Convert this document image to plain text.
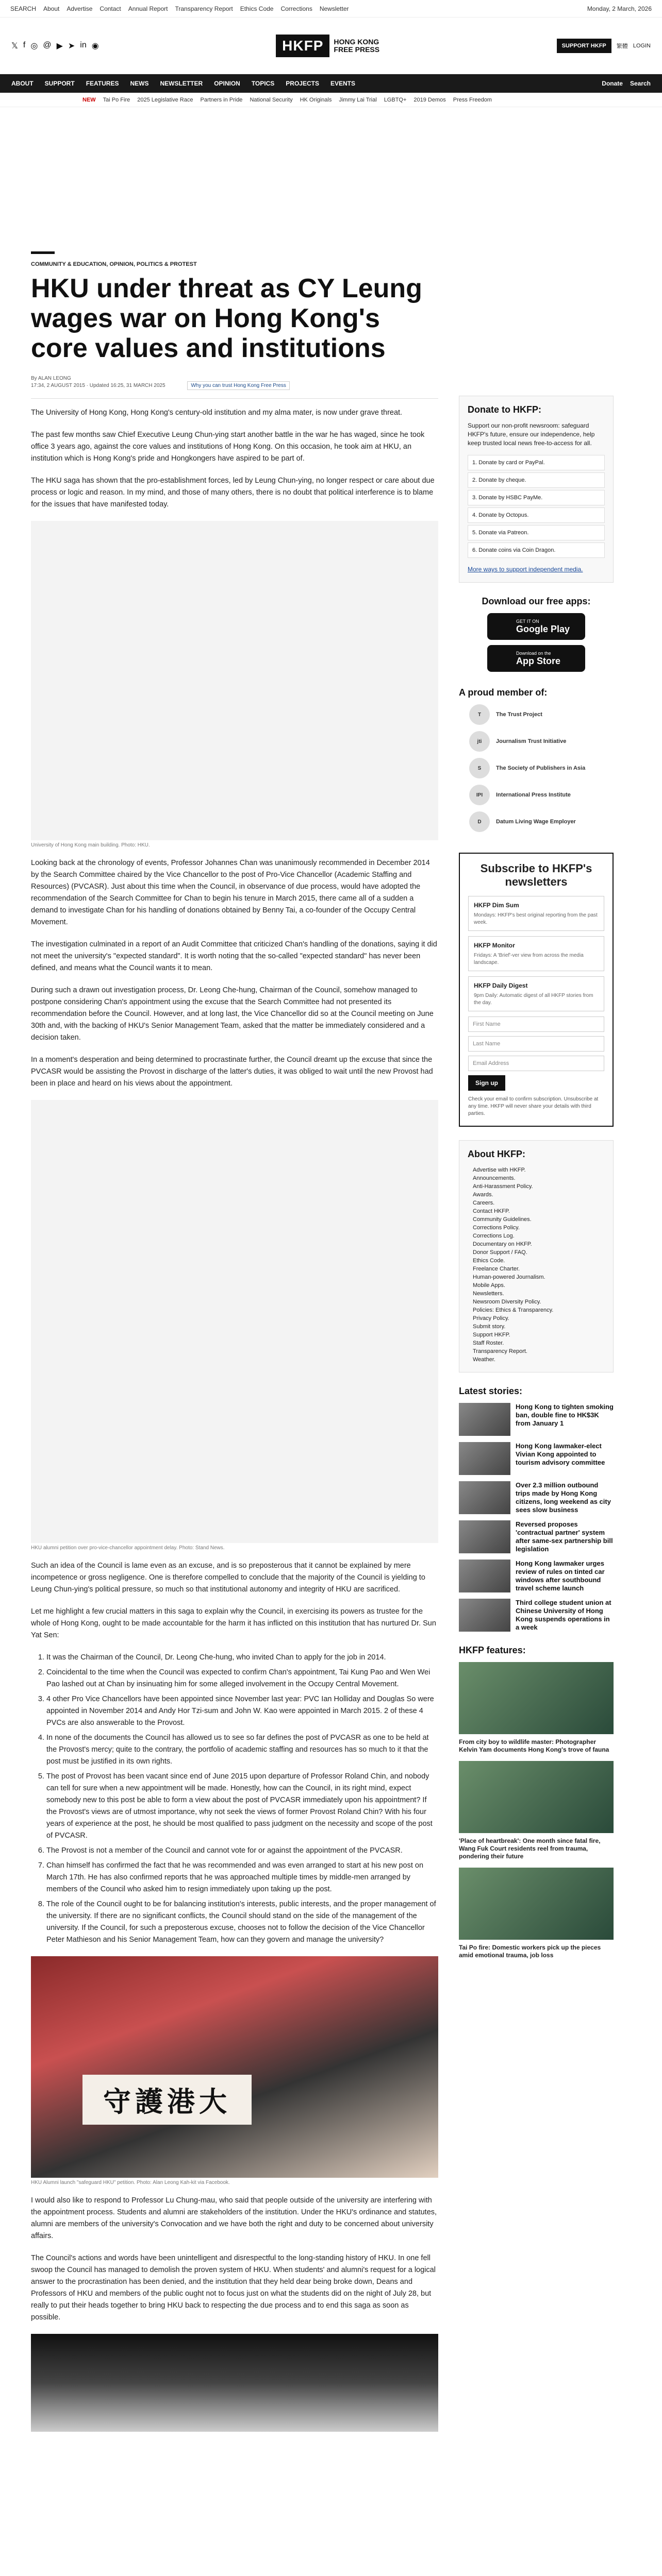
SEARCH About Advertise Contact Annual Report Transparency Report Ethics Code Corrections Newsletter	Monday, 2 March, 2026
𝕏 f ◎ @ ▶ ➤ in ◉	HKFP	HONG KONG
FREE PRESS	SUPPORT HKFP	繁體 LOGIN
ABOUT SUPPORT FEATURES NEWS NEWSLETTER OPINION TOPICS PROJECTS EVENTS	Donate Search
NEW Tai Po Fire 2025 Legislative Race Partners in Pride National Security HK Originals Jimmy Lai Trial LGBTQ+ 2019 Demos Press Freedom
COMMUNITY & EDUCATION, OPINION, POLITICS & PROTEST
HKU under threat as CY Leung wages war on Hong Kong's core values and institutions
By ALAN LEONG
17:34, 2 AUGUST 2015 · Updated 16:25, 31 MARCH 2025	Why you can trust Hong Kong Free Press

The University of Hong Kong, Hong Kong's century-old institution and my alma mater, is now under grave threat.

The past few months saw Chief Executive Leung Chun-ying start another battle in the war he has waged, since he took office 3 years ago, against the core values and institutions of Hong Kong. On this occasion, he took aim at HKU, an institution which is Hong Kong's pride and Hongkongers have aspired to be part of.

The HKU saga has shown that the pro-establishment forces, led by Leung Chun-ying, no longer respect or care about due process or logic and reason. In my mind, and those of many others, there is no doubt that political interference is to blame for the issues that have manifested today.

University of Hong Kong main building. Photo: HKU.

Looking back at the chronology of events, Professor Johannes Chan was unanimously recommended in December 2014 by the Search Committee chaired by the Vice Chancellor to the post of Pro-Vice Chancellor (Academic Staffing and Resources) (PVCASR). Just about this time when the Council, in observance of due process, would have adopted the recommendation of the Search Committee for Chan to begin his tenure in March 2015, there came all of a sudden a demand to investigate Chan for his handling of donations obtained by Benny Tai, a co-founder of the Occupy Central Movement.

The investigation culminated in a report of an Audit Committee that criticized Chan's handling of the donations, saying it did not meet the university's "expected standard". It is worth noting that the so-called "expected standard" has never been defined, and means what the Council wants it to mean.

During such a drawn out investigation process, Dr. Leong Che-hung, Chairman of the Council, somehow managed to postpone considering Chan's appointment using the excuse that the Search Committee had not presented its recommendation before the Council. However, and at long last, the Vice Chancellor did so at the Council meeting on June 30th and, with the backing of HKU's Senior Management Team, asked that the matter be immediately considered and a decision taken.

In a moment's desperation and being determined to procrastinate further, the Council dreamt up the excuse that since the PVCASR would be assisting the Provost in discharge of the latter's duties, it was obliged to wait until the new Provost had been in place and heard on his views about the appointment.

HKU alumni petition over pro-vice-chancellor appointment delay. Photo: Stand News.

Such an idea of the Council is lame even as an excuse, and is so preposterous that it cannot be explained by mere incompetence or gross negligence. One is therefore compelled to conclude that the majority of the Council is yielding to Leung Chun-ying's political pressure, so much so that institutional autonomy and integrity of HKU are sacrificed.

Let me highlight a few crucial matters in this saga to explain why the Council, in exercising its powers as trustee for the whole of Hong Kong, ought to be made accountable for the harm it has inflicted on this institution that has nurtured Dr. Sun Yat Sen:

1. It was the Chairman of the Council, Dr. Leong Che-hung, who invited Chan to apply for the job in 2014.
2. Coincidental to the time when the Council was expected to confirm Chan's appointment, Tai Kung Pao and Wen Wei Pao lashed out at Chan by insinuating him for some alleged involvement in the Occupy Central Movement.
3. 4 other Pro Vice Chancellors have been appointed since November last year: PVC Ian Holliday and Douglas So were appointed in November 2014 and Andy Hor Tzi-sum and John W. Kao were appointed in March 2015. 2 of these 4 PVCs are also answerable to the Provost.
4. In none of the documents the Council has allowed us to see so far defines the post of PVCASR as one to be held at the Provost's mercy; quite to the contrary, the portfolio of academic staffing and resources has so much to it that the post must be justified in its own rights.
5. The post of Provost has been vacant since end of June 2015 upon departure of Professor Roland Chin, and nobody can tell for sure when a new appointment will be made. Honestly, how can the Council, in its right mind, expect somebody new to this post be able to form a view about the post of PVCASR immediately upon his appointment? If the Provost's views are of utmost importance, why not seek the views of former Provost Roland Chin? With his four years of experience at the post, he should be most qualified to pass judgment on the necessity and scope of the post of PVCASR.
6. The Provost is not a member of the Council and cannot vote for or against the appointment of the PVCASR.
7. Chan himself has confirmed the fact that he was recommended and was even arranged to start at his new post on March 17th. He has also confirmed reports that he was approached multiple times by middle-men arranged by members of the Council who asked him to resign immediately upon taking up the post.
8. The role of the Council ought to be for balancing institution's interests, public interests, and the proper management of the university. If there are no significant conflicts, the Council should stand on the side of the management of the university. If the Council, for such a preposterous excuse, chooses not to follow the decision of the Vice Chancellor Peter Mathieson and his Senior Management Team, how can they govern and manage the university?
守護港大
HKU Alumni launch "safeguard HKU" petition. Photo: Alan Leong Kah-kit via Facebook.

I would also like to respond to Professor Lu Chung-mau, who said that people outside of the university are interfering with the appointment process. Students and alumni are stakeholders of the institution. Under the HKU's ordinance and statutes, alumni are members of the university's Convocation and we have both the right and duty to be concerned about university affairs.

The Council's actions and words have been unintelligent and disrespectful to the long-standing history of HKU. In one fell swoop the Council has managed to demolish the proven system of HKU. When students' and alumni's request for a logical answer to the procrastination has been denied, and the institution that they held dear being broke down, Deans and Professors of HKU and members of the public ought not to focus just on what the students did on the night of July 28, but really to put their heads together to bring HKU back to respecting the due process and to end this saga as soon as possible.

Donate to HKFP:

Support our non-profit newsroom: safeguard HKFP's future, ensure our independence, help keep trusted local news free-to-access for all.

1. Donate by card or PayPal.
2. Donate by cheque.
3. Donate by HSBC PayMe.
4. Donate by Octopus.
5. Donate via Patreon.
6. Donate coins via Coin Dragon.

More ways to support independent media.

Download our free apps:
GET IT ON
Google Play
Download on the
App Store
A proud member of:
T	The Trust Project
jti	Journalism Trust Initiative
S	The Society of Publishers in Asia
IPI	International Press Institute
D	Datum Living Wage Employer
Subscribe to HKFP's newsletters
HKFP Dim Sum
Mondays: HKFP's best original reporting from the past week.
HKFP Monitor
Fridays: A 'Brief'-ver view from across the media landscape.
HKFP Daily Digest
9pm Daily: Automatic digest of all HKFP stories from the day.
First Name
Last Name
Email Address
Sign up
Check your email to confirm subscription. Unsubscribe at any time. HKFP will never share your details with third parties.
About HKFP:
Advertise with HKFP.
Announcements.
Anti-Harassment Policy.
Awards.
Careers.
Contact HKFP.
Community Guidelines.
Corrections Policy.
Corrections Log.
Documentary on HKFP.
Donor Support / FAQ.
Ethics Code.
Freelance Charter.
Human-powered Journalism.
Mobile Apps.
Newsletters.
Newsroom Diversity Policy.
Policies: Ethics & Transparency.
Privacy Policy.
Submit story.
Support HKFP.
Staff Roster.
Transparency Report.
Weather.
Latest stories:
Hong Kong to tighten smoking ban, double fine to HK$3K from January 1
Hong Kong lawmaker-elect Vivian Kong appointed to tourism advisory committee
Over 2.3 million outbound trips made by Hong Kong citizens, long weekend as city sees slow business
Reversed proposes 'contractual partner' system after same-sex partnership bill legislation
Hong Kong lawmaker urges review of rules on tinted car windows after southbound travel scheme launch
Third college student union at Chinese University of Hong Kong suspends operations in a week
HKFP features:
From city boy to wildlife master: Photographer Kelvin Yam documents Hong Kong's trove of fauna
'Place of heartbreak': One month since fatal fire, Wang Fuk Court residents reel from trauma, pondering their future
Tai Po fire: Domestic workers pick up the pieces amid emotional trauma, job loss
